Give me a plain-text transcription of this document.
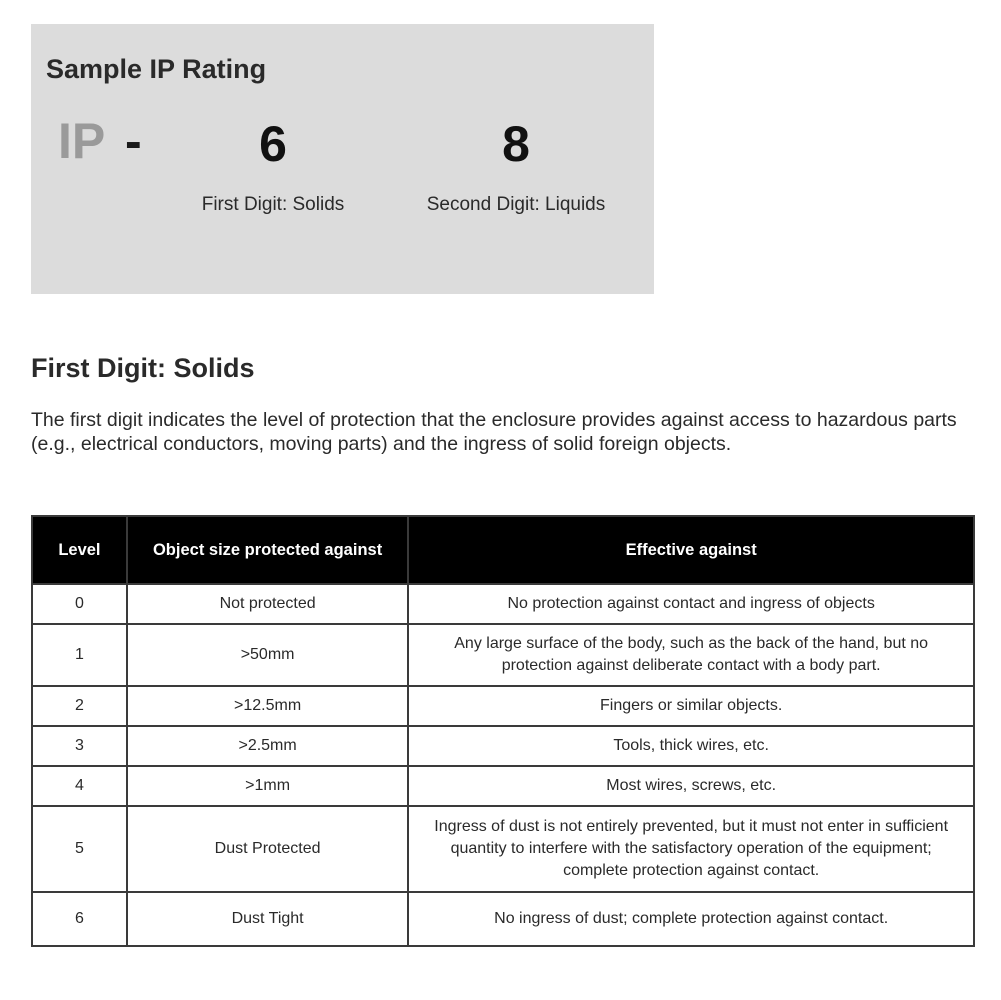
Sample IP Rating
IP -	6
First Digit: Solids
8
Second Digit: Liquids
First Digit: Solids
The first digit indicates the level of protection that the enclosure provides against access to hazardous parts (e.g., electrical conductors, moving parts) and the ingress of solid foreign objects.
Level	Object size protected against	Effective against
0	Not protected	No protection against contact and ingress of objects
1	>50mm	Any large surface of the body, such as the back of the hand, but no protection against deliberate contact with a body part.
2	>12.5mm	Fingers or similar objects.
3	>2.5mm	Tools, thick wires, etc.
4	>1mm	Most wires, screws, etc.
5	Dust Protected	Ingress of dust is not entirely prevented, but it must not enter in sufficient quantity to interfere with the satisfactory operation of the equipment; complete protection against contact.
6	Dust Tight	No ingress of dust; complete protection against contact.
